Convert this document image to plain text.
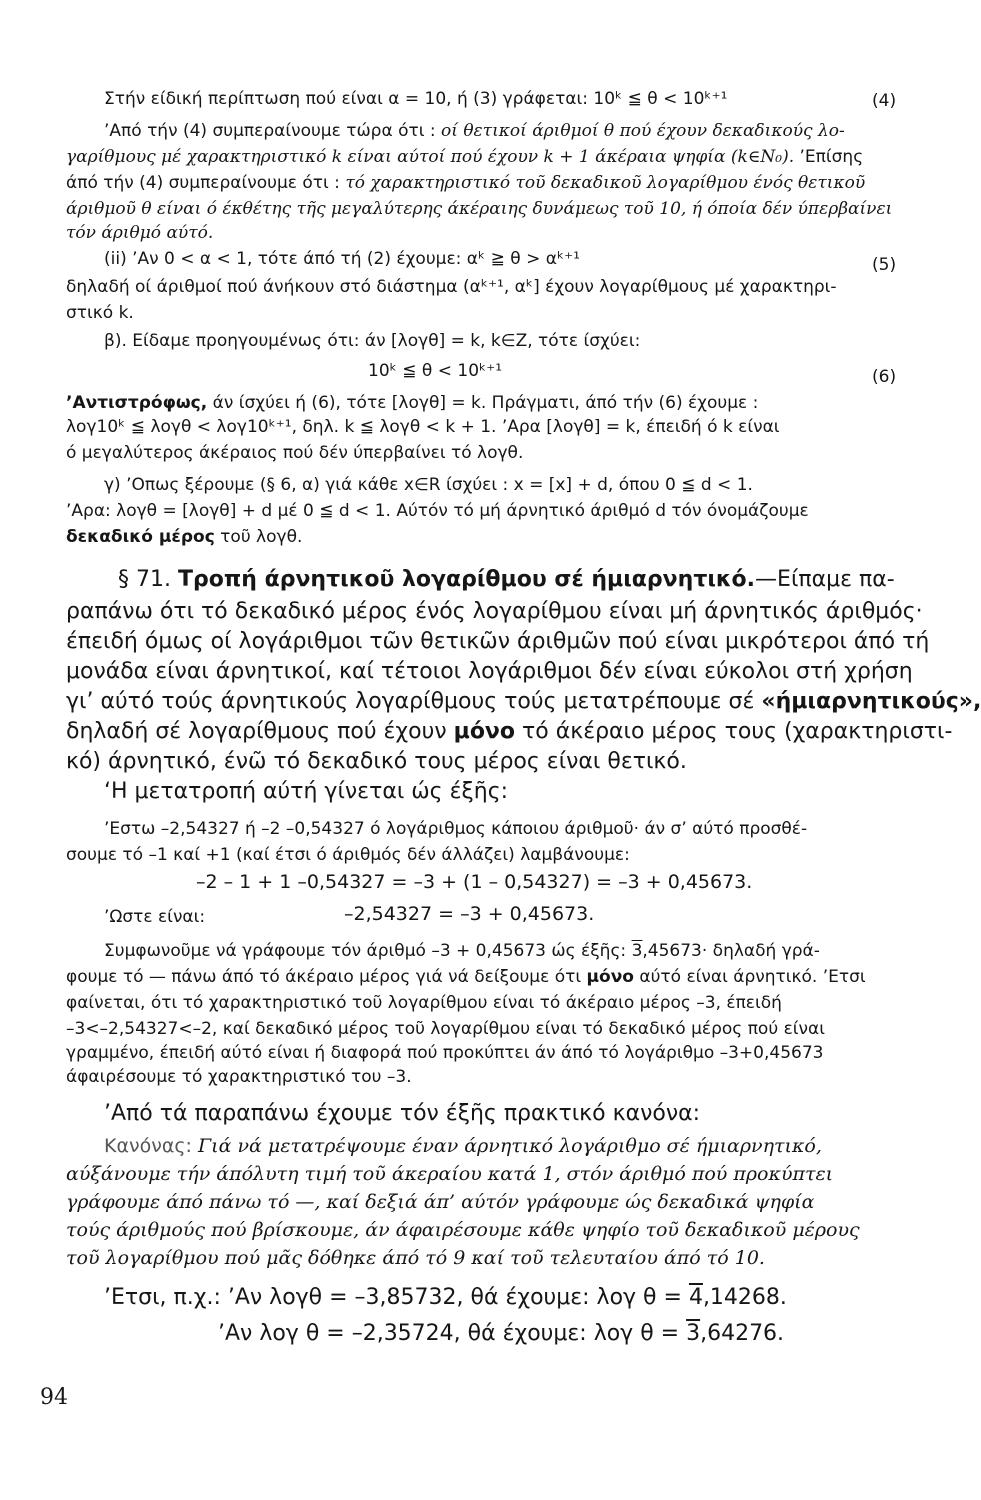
Στήν είδική περίπτωση πού είναι α = 10, ή (3) γράφεται: 10ᵏ ≦ θ < 10ᵏ⁺¹	(4)
’Από τήν (4) συμπεραίνουμε τώρα ότι : οί θετικοί άριθμοί θ πού έχουν δεκαδικούς λο-
γαρίθμους μέ χαρακτηριστικό k είναι αύτοί πού έχουν k + 1 άκέραια ψηφία (k∈N₀). ’Επίσης
άπό τήν (4) συμπεραίνουμε ότι : τό χαρακτηριστικό τοῦ δεκαδικοῦ λογαρίθμου ένός θετικοῦ
άριθμοῦ θ είναι ό έκθέτης τῆς μεγαλύτερης άκέραιης δυνάμεως τοῦ 10, ή όποία δέν ύπερβαίνει
τόν άριθμό αύτό.
(ii) ’Αν 0 < α < 1, τότε άπό τή (2) έχουμε: αᵏ ≧ θ > αᵏ⁺¹	(5)
δηλαδή οί άριθμοί πού άνήκουν στό διάστημα (αᵏ⁺¹, αᵏ] έχουν λογαρίθμους μέ χαρακτηρι-
στικό k.
β). Είδαμε προηγουμένως ότι: άν [λογθ] = k, k∈Z, τότε ίσχύει:
10ᵏ ≦ θ < 10ᵏ⁺¹	(6)
’Αντιστρόφως, άν ίσχύει ή (6), τότε [λογθ] = k. Πράγματι, άπό τήν (6) έχουμε :
λογ10ᵏ ≦ λογθ < λογ10ᵏ⁺¹, δηλ. k ≦ λογθ < k + 1. ’Αρα [λογθ] = k, έπειδή ό k είναι
ό μεγαλύτερος άκέραιος πού δέν ύπερβαίνει τό λογθ.
γ) ’Οπως ξέρουμε (§ 6, α) γιά κάθε x∈R ίσχύει : x = [x] + d, όπου 0 ≦ d < 1.
’Αρα: λογθ = [λογθ] + d μέ 0 ≦ d < 1. Αύτόν τό μή άρνητικό άριθμό d τόν όνομάζουμε
δεκαδικό μέρος τοῦ λογθ.
§ 71. Τροπή άρνητικοῦ λογαρίθμου σέ ήμιαρνητικό.—Είπαμε πα-
ραπάνω ότι τό δεκαδικό μέρος ένός λογαρίθμου είναι μή άρνητικός άριθμός·
έπειδή όμως οί λογάριθμοι τῶν θετικῶν άριθμῶν πού είναι μικρότεροι άπό τή
μονάδα είναι άρνητικοί, καί τέτοιοι λογάριθμοι δέν είναι εύκολοι στή χρήση
γι’ αύτό τούς άρνητικούς λογαρίθμους τούς μετατρέπουμε σέ «ήμιαρνητικούς»,
δηλαδή σέ λογαρίθμους πού έχουν μόνο τό άκέραιο μέρος τους (χαρακτηριστι-
κό) άρνητικό, ένῶ τό δεκαδικό τους μέρος είναι θετικό.
‘Η μετατροπή αύτή γίνεται ώς έξῆς:
’Εστω –2,54327 ή –2 –0,54327 ό λογάριθμος κάποιου άριθμοῦ· άν σ’ αύτό προσθέ-
σουμε τό –1 καί +1 (καί έτσι ό άριθμός δέν άλλάζει) λαμβάνουμε:
–2 – 1 + 1 –0,54327 = –3 + (1 – 0,54327) = –3 + 0,45673.
’Ωστε είναι:	–2,54327 = –3 + 0,45673.
Συμφωνοῦμε νά γράφουμε τόν άριθμό –3 + 0,45673 ώς έξῆς: 3,45673· δηλαδή γρά-
φουμε τό — πάνω άπό τό άκέραιο μέρος γιά νά δείξουμε ότι μόνο αύτό είναι άρνητικό. ’Ετσι
φαίνεται, ότι τό χαρακτηριστικό τοῦ λογαρίθμου είναι τό άκέραιο μέρος –3, έπειδή
–3<–2,54327<–2, καί δεκαδικό μέρος τοῦ λογαρίθμου είναι τό δεκαδικό μέρος πού είναι
γραμμένο, έπειδή αύτό είναι ή διαφορά πού προκύπτει άν άπό τό λογάριθμο –3+0,45673
άφαιρέσουμε τό χαρακτηριστικό του –3.
’Από τά παραπάνω έχουμε τόν έξῆς πρακτικό κανόνα:
Κανόνας: Γιά νά μετατρέψουμε έναν άρνητικό λογάριθμο σέ ήμιαρνητικό,
αύξάνουμε τήν άπόλυτη τιμή τοῦ άκεραίου κατά 1, στόν άριθμό πού προκύπτει
γράφουμε άπό πάνω τό —, καί δεξιά άπ’ αύτόν γράφουμε ώς δεκαδικά ψηφία
τούς άριθμούς πού βρίσκουμε, άν άφαιρέσουμε κάθε ψηφίο τοῦ δεκαδικοῦ μέρους
τοῦ λογαρίθμου πού μᾶς δόθηκε άπό τό 9 καί τοῦ τελευταίου άπό τό 10.
’Ετσι, π.χ.: ’Αν λογθ = –3,85732, θά έχουμε: λογ θ = 4,14268.
’Αν λογ θ = –2,35724, θά έχουμε: λογ θ = 3,64276.
94
